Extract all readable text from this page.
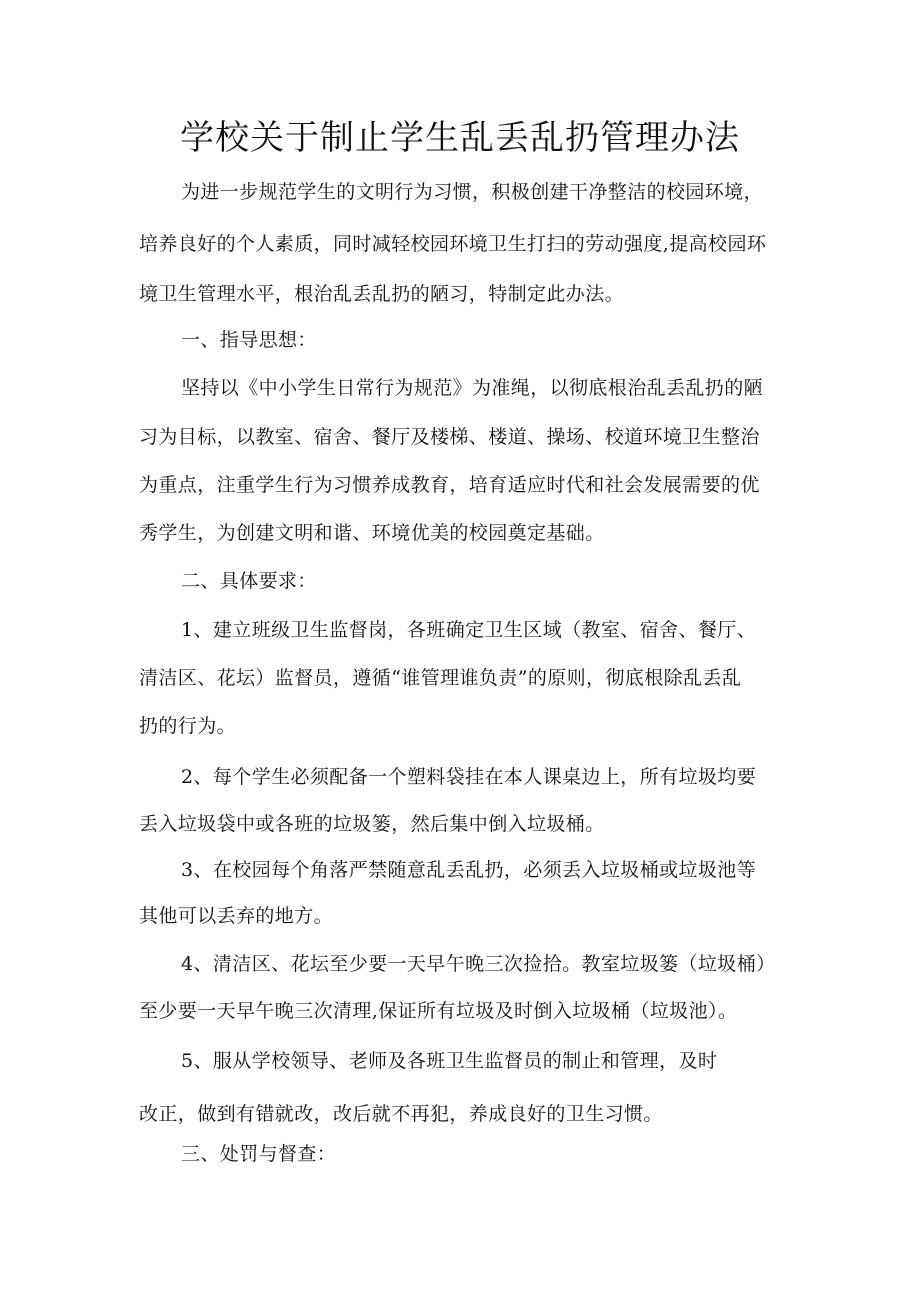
学校关于制止学生乱丢乱扔管理办法

为进一步规范学生的文明行为习惯，积极创建干净整洁的校园环境，

培养良好的个人素质，同时减轻校园环境卫生打扫的劳动强度,提高校园环

境卫生管理水平，根治乱丢乱扔的陋习，特制定此办法。

一、指导思想：

坚持以《中小学生日常行为规范》为准绳，以彻底根治乱丢乱扔的陋

习为目标，以教室、宿舍、餐厅及楼梯、楼道、操场、校道环境卫生整治

为重点，注重学生行为习惯养成教育，培育适应时代和社会发展需要的优

秀学生，为创建文明和谐、环境优美的校园奠定基础。

二、具体要求：

1、建立班级卫生监督岗，各班确定卫生区域（教室、宿舍、餐厅、

清洁区、花坛）监督员，遵循“谁管理谁负责”的原则，彻底根除乱丢乱

扔的行为。

2、每个学生必须配备一个塑料袋挂在本人课桌边上，所有垃圾均要

丢入垃圾袋中或各班的垃圾篓，然后集中倒入垃圾桶。

3、在校园每个角落严禁随意乱丢乱扔，必须丢入垃圾桶或垃圾池等

其他可以丢弃的地方。

4、清洁区、花坛至少要一天早午晚三次捡拾。教室垃圾篓（垃圾桶）

至少要一天早午晚三次清理,保证所有垃圾及时倒入垃圾桶（垃圾池）。

5、服从学校领导、老师及各班卫生监督员的制止和管理，及时

改正，做到有错就改，改后就不再犯，养成良好的卫生习惯。

三、处罚与督查：
